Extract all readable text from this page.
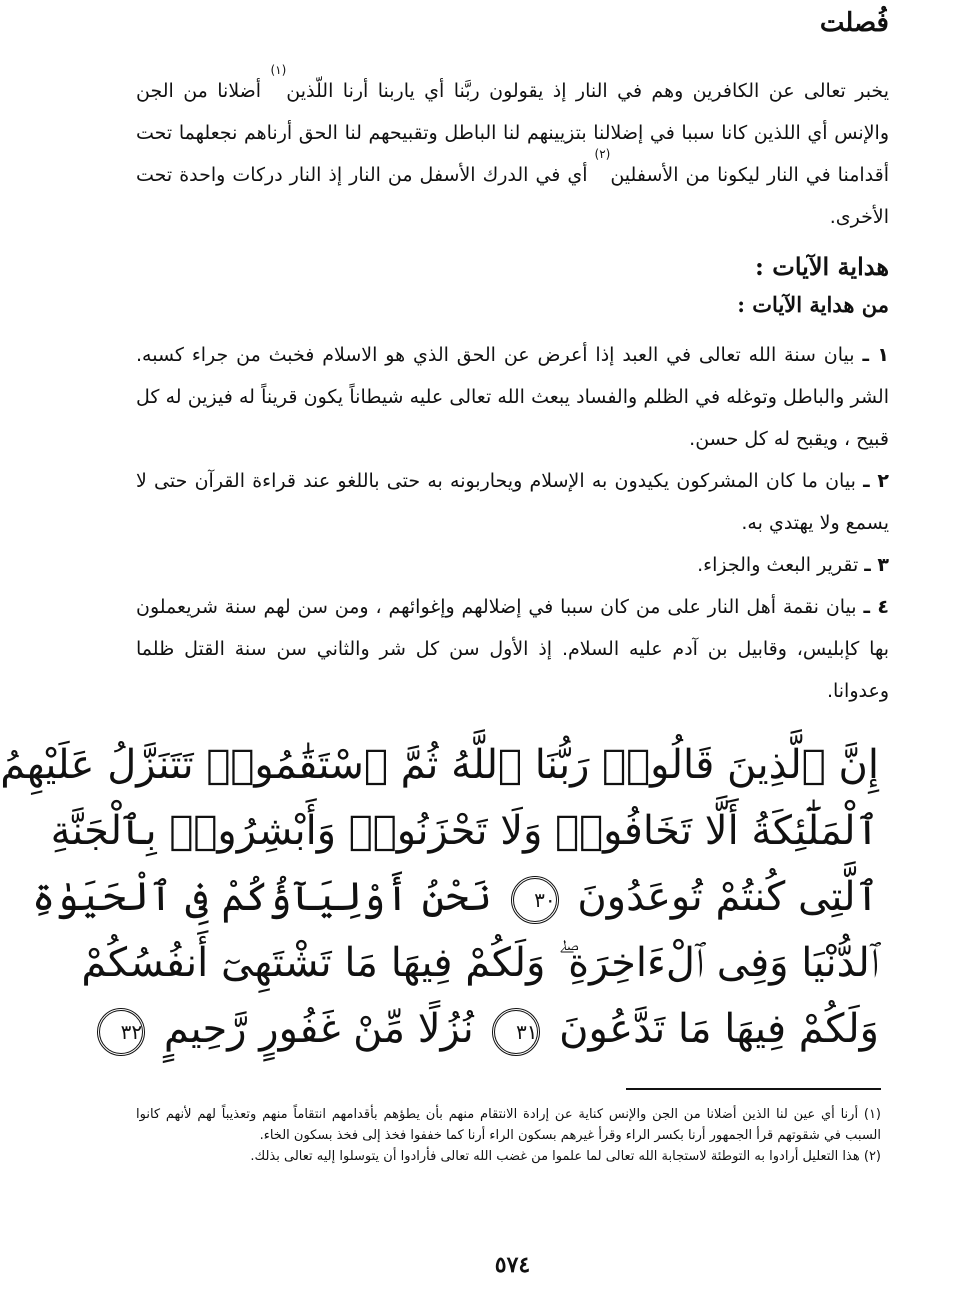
فُصلت
يخبر تعالى عن الكافرين وهم في النار إذ يقولون ربَّنا أي ياربنا أرنا اللّذين$^{(١)}$ أضلانا من الجن والإنس أي اللذين كانا سببا في إضلالنا بتزيينهم لنا الباطل وتقبيحهم لنا الحق أرناهم نجعلهما تحت أقدامنا في النار ليكونا من الأسفلين$^{(٢)}$ أي في الدرك الأسفل من النار إذ النار دركات واحدة تحت الأخرى.
هداية الآيات :
من هداية الآيات :

١ ـ بيان سنة الله تعالى في العبد إذا أعرض عن الحق الذي هو الاسلام فخبث من جراء كسبه. الشر والباطل وتوغله في الظلم والفساد يبعث الله تعالى عليه شيطاناً يكون قريناً له فيزين له كل قبيح ، ويقبح له كل حسن.

٢ ـ بيان ما كان المشركون يكيدون به الإسلام ويحاربونه به حتى باللغو عند قراءة القرآن حتى لا يسمع ولا يهتدي به.

٣ ـ تقرير البعث والجزاء.

٤ ـ بيان نقمة أهل النار على من كان سببا في إضلالهم وإغوائهم ، ومن سن لهم سنة شريعملون بها كإبليس، وقابيل بن آدم عليه السلام. إذ الأول سن كل شر والثاني سن سنة القتل ظلما وعدوانا.

إِنَّ ٱلَّذِينَ قَالُوا۟ رَبُّنَا ٱللَّهُ ثُمَّ ٱسْتَقَٰمُوا۟ تَتَنَزَّلُ عَلَيْهِمُ
ٱلْمَلَٰٓئِكَةُ أَلَّا تَخَافُوا۟ وَلَا تَحْزَنُوا۟ وَأَبْشِرُوا۟ بِٱلْجَنَّةِ
ٱلَّتِى كُنتُمْ تُوعَدُونَ ٣٠ نَحْنُ أَوْلِيَآؤُكُمْ فِى ٱلْحَيَوٰةِ
ٱلدُّنْيَا وَفِى ٱلْءَاخِرَةِ ۖ وَلَكُمْ فِيهَا مَا تَشْتَهِىٓ أَنفُسُكُمْ
وَلَكُمْ فِيهَا مَا تَدَّعُونَ ٣١ نُزُلًا مِّنْ غَفُورٍ رَّحِيمٍ ٣٢

(١) أرنا أي عين لنا الذين أضلانا من الجن والإنس كناية عن إرادة الانتقام منهم بأن يطؤهم بأقدامهم انتقاماً منهم وتعذيباً لهم لأنهم كانوا السبب في شقوتهم قرأ الجمهور أرنا بكسر الراء وقرأ غيرهم بسكون الراء أرنا كما خففوا فخذ إلى فخذ بسكون الخاء.

(٢) هذا التعليل أرادوا به التوطئة لاستجابة الله تعالى لما علموا من غضب الله تعالى فأرادوا أن يتوسلوا إليه تعالى بذلك.

٥٧٤
